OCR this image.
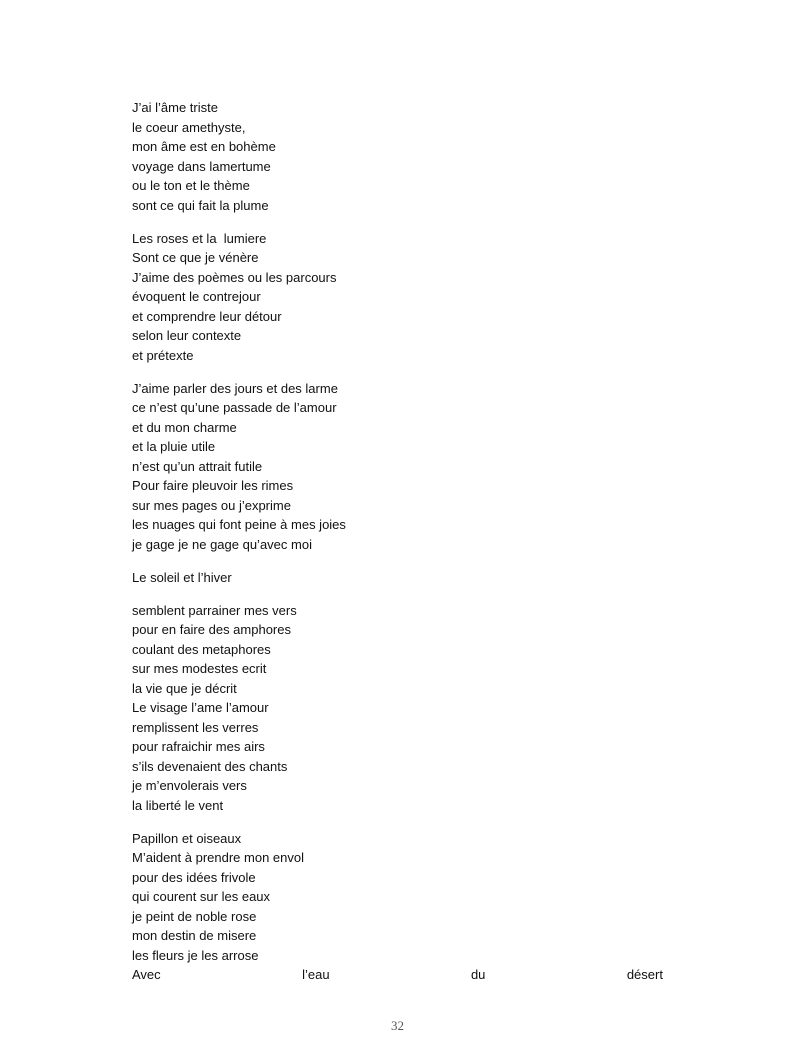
J’ai l’âme triste
le coeur amethyste,
mon âme est en bohème
voyage dans lamertume
ou le ton et le thème
sont ce qui fait la plume
Les roses et la  lumiere
Sont ce que je vénère
J’aime des poèmes ou les parcours
évoquent le contrejour
et comprendre leur détour
selon leur contexte
et prétexte
J’aime parler des jours et des larme
ce n’est qu’une passade de l’amour
et du mon charme
et la pluie utile
n’est qu’un attrait futile
Pour faire pleuvoir les rimes
sur mes pages ou j’exprime
les nuages qui font peine à mes joies
je gage je ne gage qu’avec moi
Le soleil et l’hiver
semblent parrainer mes vers
pour en faire des amphores
coulant des metaphores
sur mes modestes ecrit
la vie que je décrit
Le visage l’ame l’amour
remplissent les verres
pour rafraichir mes airs
s’ils devenaient des chants
je m’envolerais vers
la liberté le vent
Papillon et oiseaux
M’aident à prendre mon envol
pour des idées frivole
qui courent sur les eaux
je peint de noble rose
mon destin de misere
les fleurs je les arrose
Avec	l’eau	du	désert
32
